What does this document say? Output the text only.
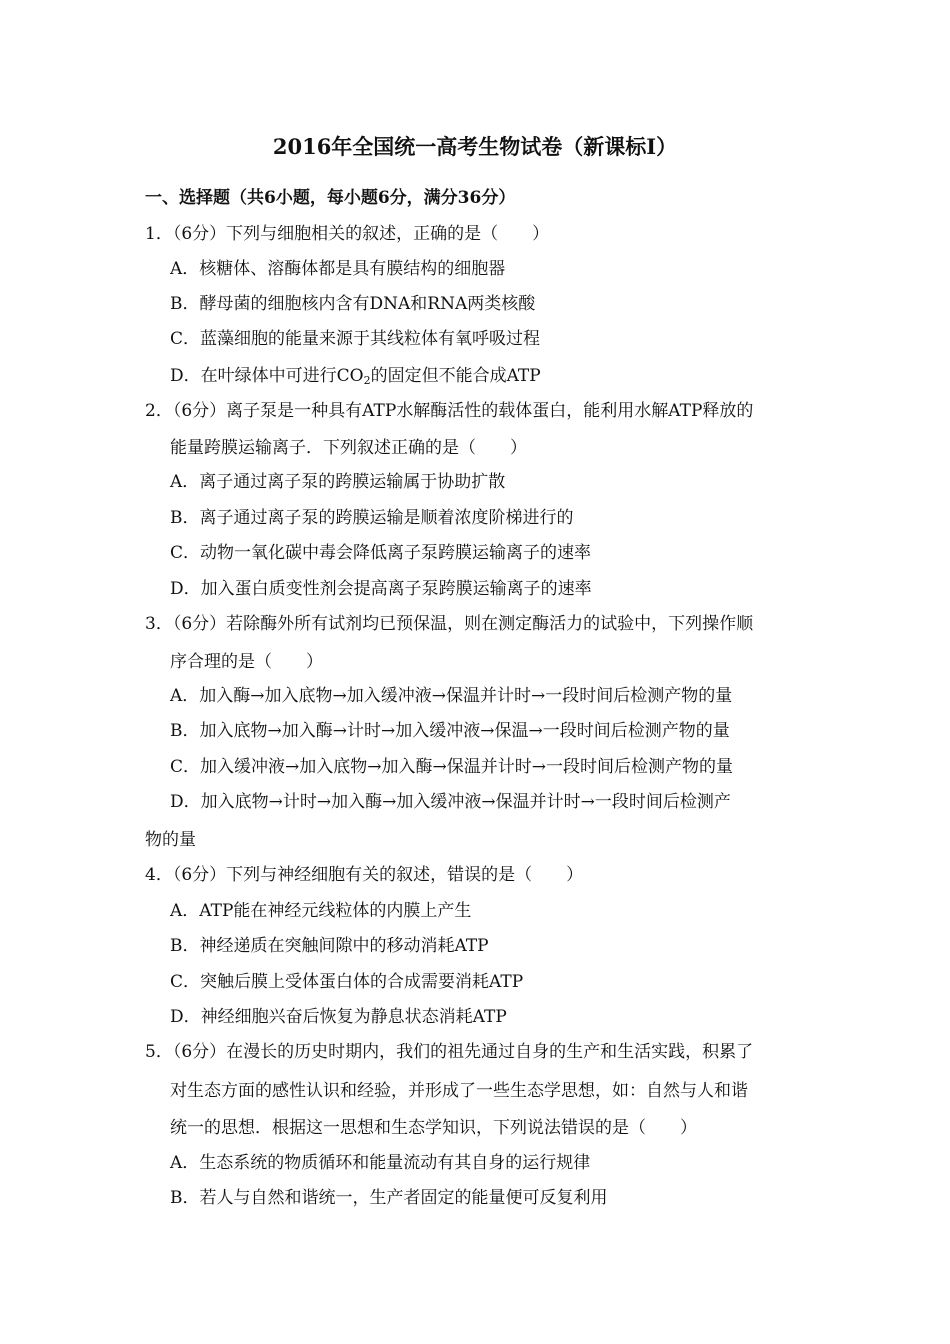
2016年全国统一高考生物试卷（新课标Ⅰ）
一、选择题（共6小题，每小题6分，满分36分）
1．（6分）下列与细胞相关的叙述，正确的是（　　）
A．核糖体、溶酶体都是具有膜结构的细胞器
B．酵母菌的细胞核内含有DNA和RNA两类核酸
C．蓝藻细胞的能量来源于其线粒体有氧呼吸过程
D．在叶绿体中可进行$CO_2$的固定但不能合成ATP
2．（6分）离子泵是一种具有ATP水解酶活性的载体蛋白，能利用水解ATP释放的
能量跨膜运输离子．下列叙述正确的是（　　）
A．离子通过离子泵的跨膜运输属于协助扩散
B．离子通过离子泵的跨膜运输是顺着浓度阶梯进行的
C．动物一氧化碳中毒会降低离子泵跨膜运输离子的速率
D．加入蛋白质变性剂会提高离子泵跨膜运输离子的速率
3．（6分）若除酶外所有试剂均已预保温，则在测定酶活力的试验中，下列操作顺
序合理的是（　　）
A．加入酶→加入底物→加入缓冲液→保温并计时→一段时间后检测产物的量
B．加入底物→加入酶→计时→加入缓冲液→保温→一段时间后检测产物的量
C．加入缓冲液→加入底物→加入酶→保温并计时→一段时间后检测产物的量
D．加入底物→计时→加入酶→加入缓冲液→保温并计时→一段时间后检测产
物的量
4．（6分）下列与神经细胞有关的叙述，错误的是（　　）
A．ATP能在神经元线粒体的内膜上产生
B．神经递质在突触间隙中的移动消耗ATP
C．突触后膜上受体蛋白体的合成需要消耗ATP
D．神经细胞兴奋后恢复为静息状态消耗ATP
5．（6分）在漫长的历史时期内，我们的祖先通过自身的生产和生活实践，积累了
对生态方面的感性认识和经验，并形成了一些生态学思想，如：自然与人和谐
统一的思想．根据这一思想和生态学知识，下列说法错误的是（　　）
A．生态系统的物质循环和能量流动有其自身的运行规律
B．若人与自然和谐统一，生产者固定的能量便可反复利用
